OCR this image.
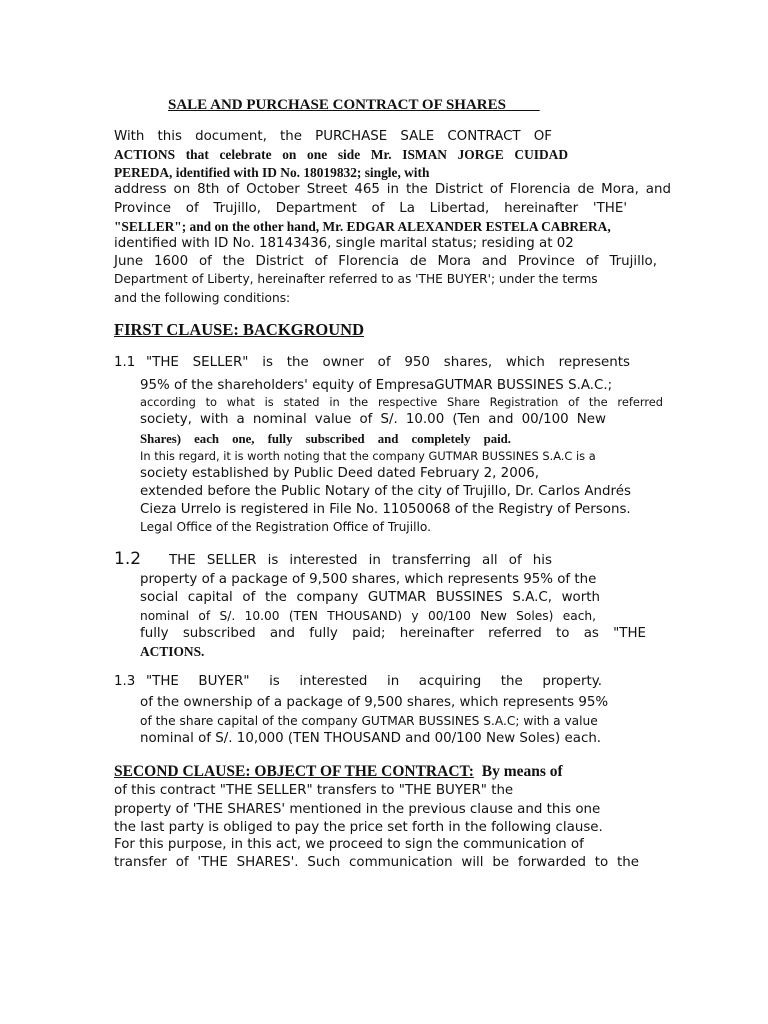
SALE AND PURCHASE CONTRACT OF SHARES
With this document, the PURCHASE SALE CONTRACT OF
ACTIONS that celebrate on one side Mr. ISMAN JORGE CUIDAD
PEREDA, identified with ID No. 18019832; single, with
address on 8th of October Street 465 in the District of Florencia de Mora, and
Province of Trujillo, Department of La Libertad, hereinafter 'THE'
"SELLER"; and on the other hand, Mr. EDGAR ALEXANDER ESTELA CABRERA,
identified with ID No. 18143436, single marital status; residing at 02
June 1600 of the District of Florencia de Mora and Province of Trujillo,
Department of Liberty, hereinafter referred to as 'THE BUYER'; under the terms
and the following conditions:
FIRST CLAUSE: BACKGROUND
1.1 "THE SELLER" is the owner of 950 shares, which represents
95% of the shareholders' equity of EmpresaGUTMAR BUSSINES S.A.C.;
according to what is stated in the respective Share Registration of the referred
society, with a nominal value of S/. 10.00 (Ten and 00/100 New
Shares) each one, fully subscribed and completely paid.
In this regard, it is worth noting that the company GUTMAR BUSSINES S.A.C is a
society established by Public Deed dated February 2, 2006,
extended before the Public Notary of the city of Trujillo, Dr. Carlos Andrés
Cieza Urrelo is registered in File No. 11050068 of the Registry of Persons.
Legal Office of the Registration Office of Trujillo.
1.2 THE SELLER is interested in transferring all of his
property of a package of 9,500 shares, which represents 95% of the
social capital of the company GUTMAR BUSSINES S.A.C, worth
nominal of S/. 10.00 (TEN THOUSAND) y 00/100 New Soles) each,
fully subscribed and fully paid; hereinafter referred to as "THE
ACTIONS.
1.3 "THE BUYER" is interested in acquiring the property.
of the ownership of a package of 9,500 shares, which represents 95%
of the share capital of the company GUTMAR BUSSINES S.A.C; with a value
nominal of S/. 10,000 (TEN THOUSAND and 00/100 New Soles) each.
SECOND CLAUSE: OBJECT OF THE CONTRACT: By means of
of this contract "THE SELLER" transfers to "THE BUYER" the
property of 'THE SHARES' mentioned in the previous clause and this one
the last party is obliged to pay the price set forth in the following clause.
For this purpose, in this act, we proceed to sign the communication of
transfer of 'THE SHARES'. Such communication will be forwarded to the
